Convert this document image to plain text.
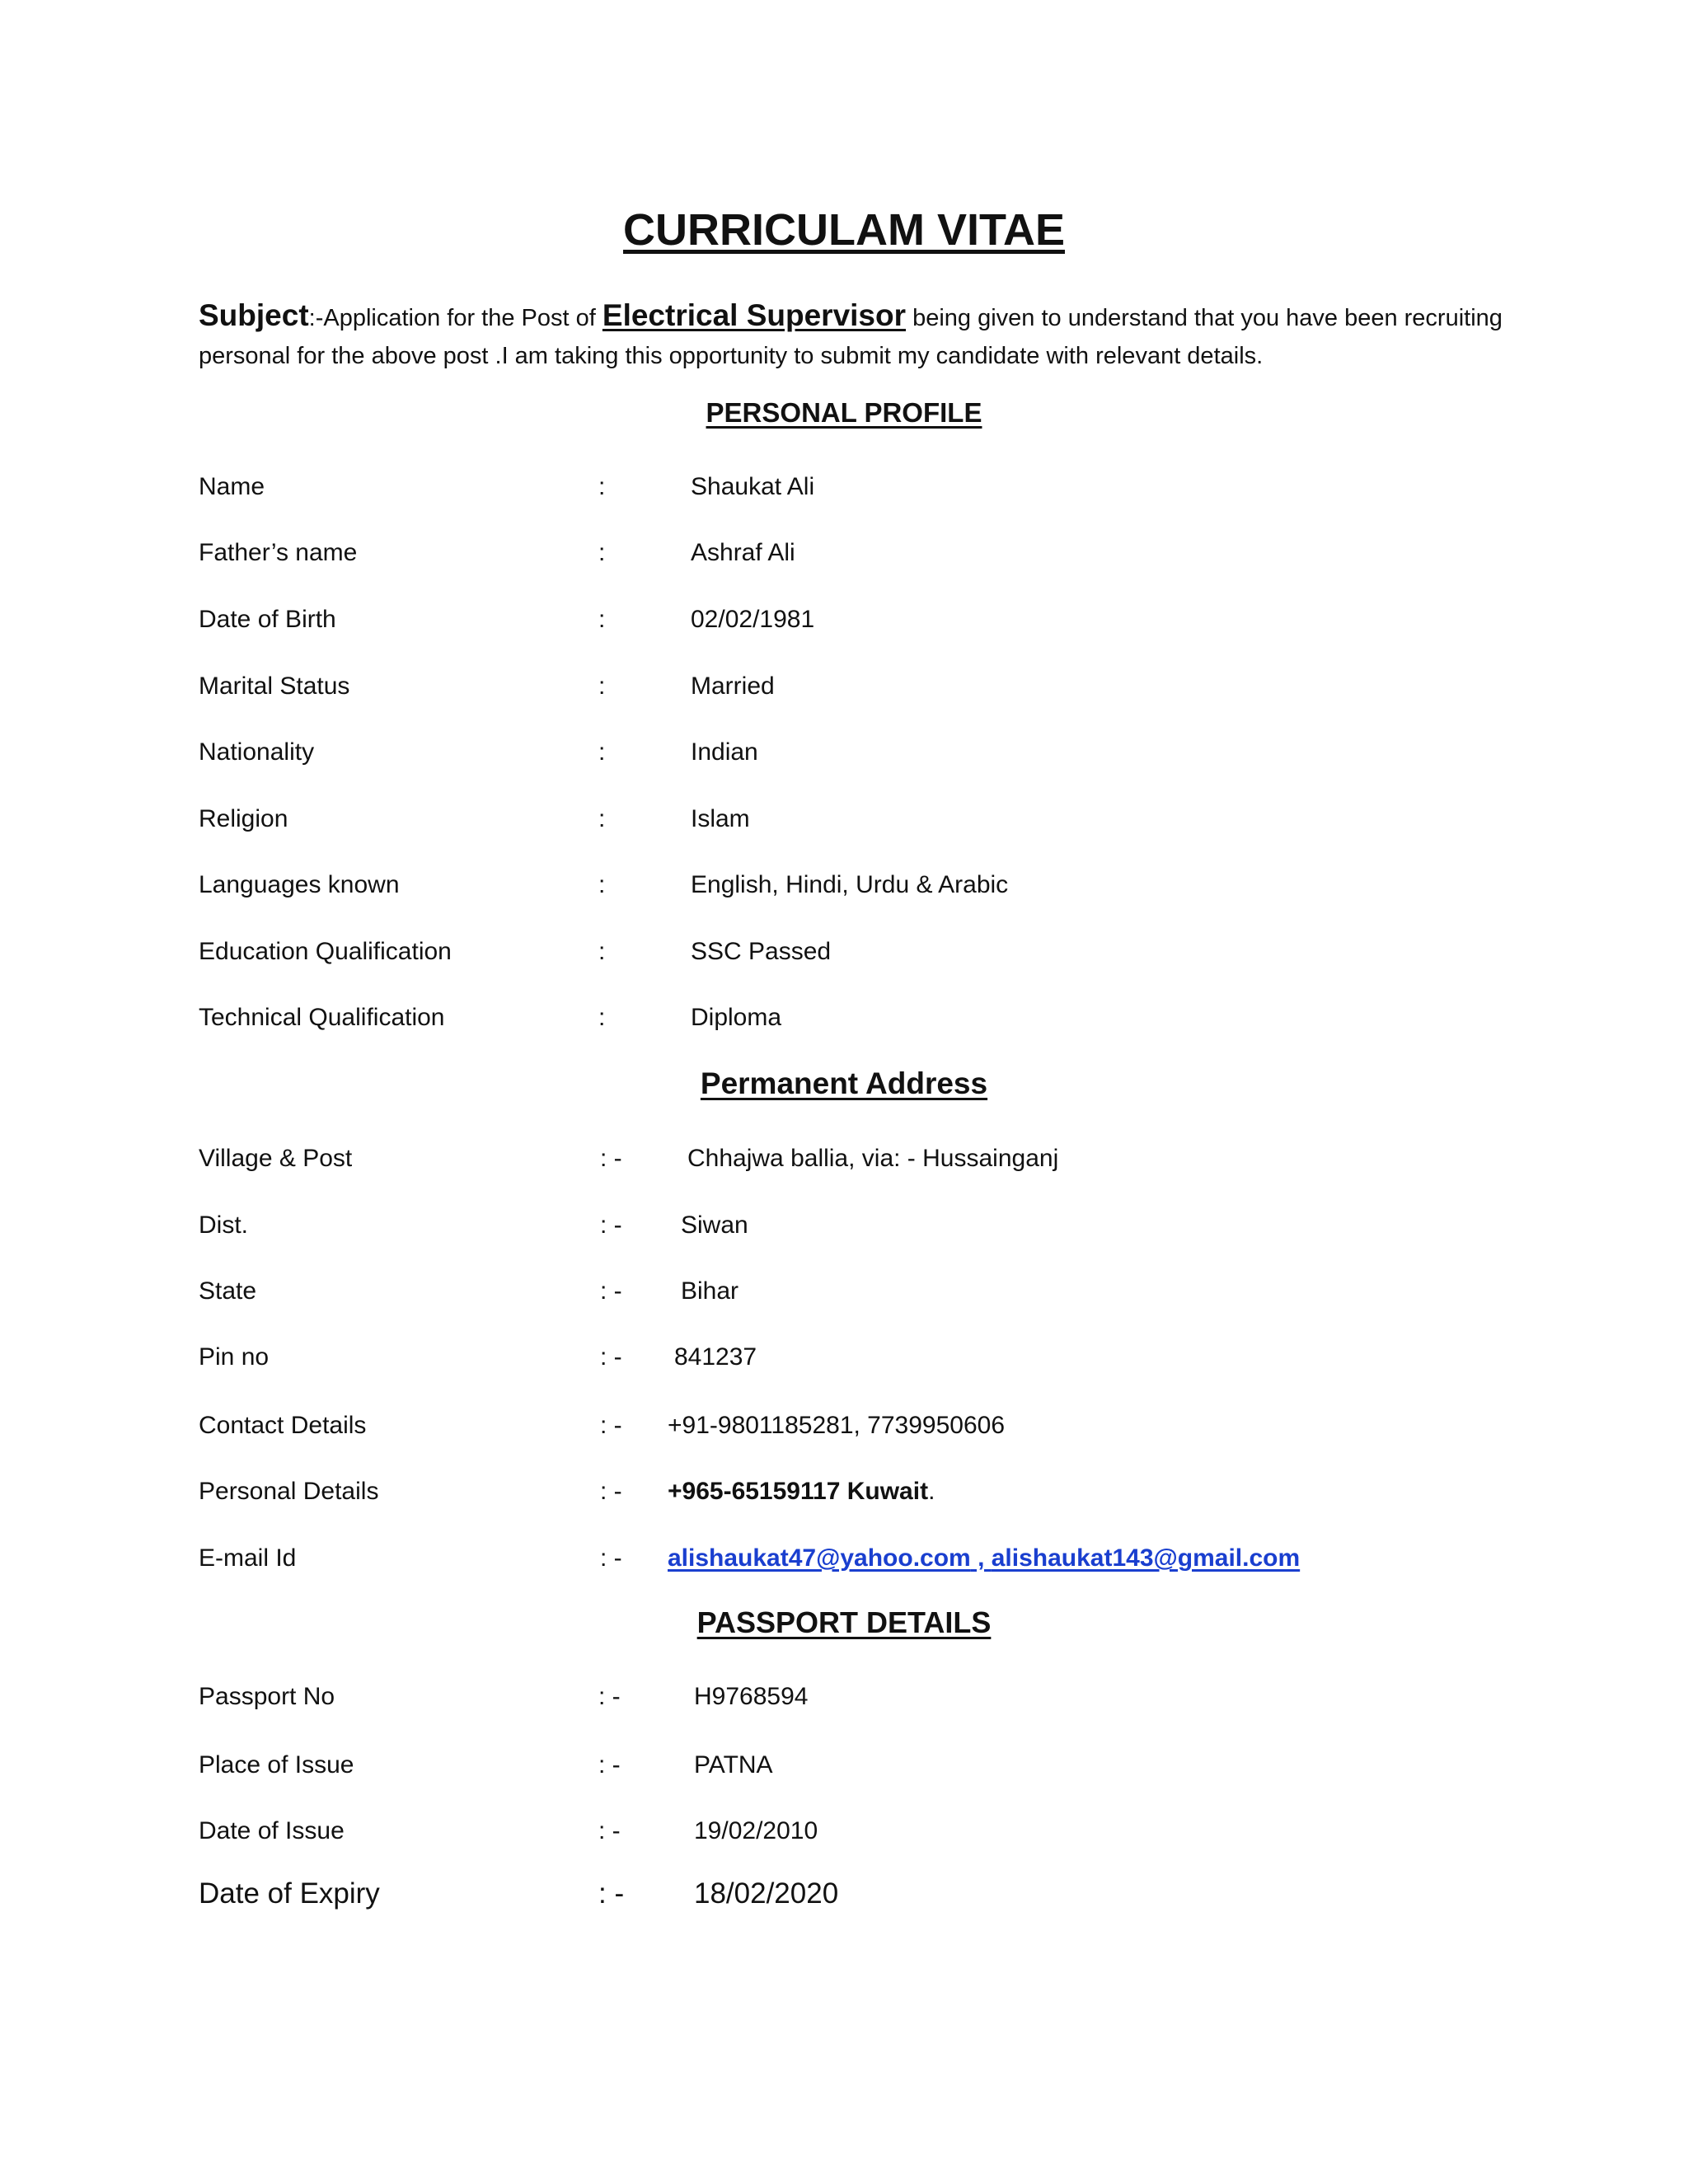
CURRICULAM VITAE
Subject:-Application for the Post of Electrical Supervisor being given to understand that you have been recruiting personal for the above post .I am taking this opportunity to submit my candidate with relevant details.
PERSONAL PROFILE
Name	:	Shaukat Ali
Father’s name	:	Ashraf Ali
Date of Birth	:	02/02/1981
Marital Status	:	Married
Nationality	:	Indian
Religion	:	Islam
Languages known	:	English, Hindi, Urdu & Arabic
Education Qualification	:	SSC Passed
Technical Qualification	:	Diploma
Permanent Address
Village & Post	: -	Chhajwa ballia, via: - Hussainganj
Dist.	: - Siwan
State	: - Bihar
Pin no	: - 841237
Contact Details	: - +91-9801185281, 7739950606
Personal Details	: - +965-65159117 Kuwait.
E-mail Id	: - alishaukat47@yahoo.com , alishaukat143@gmail.com
PASSPORT DETAILS
Passport No	: -	H9768594
Place of Issue	: -	PATNA
Date of Issue	: -	19/02/2010
Date of Expiry	: - 18/02/2020
